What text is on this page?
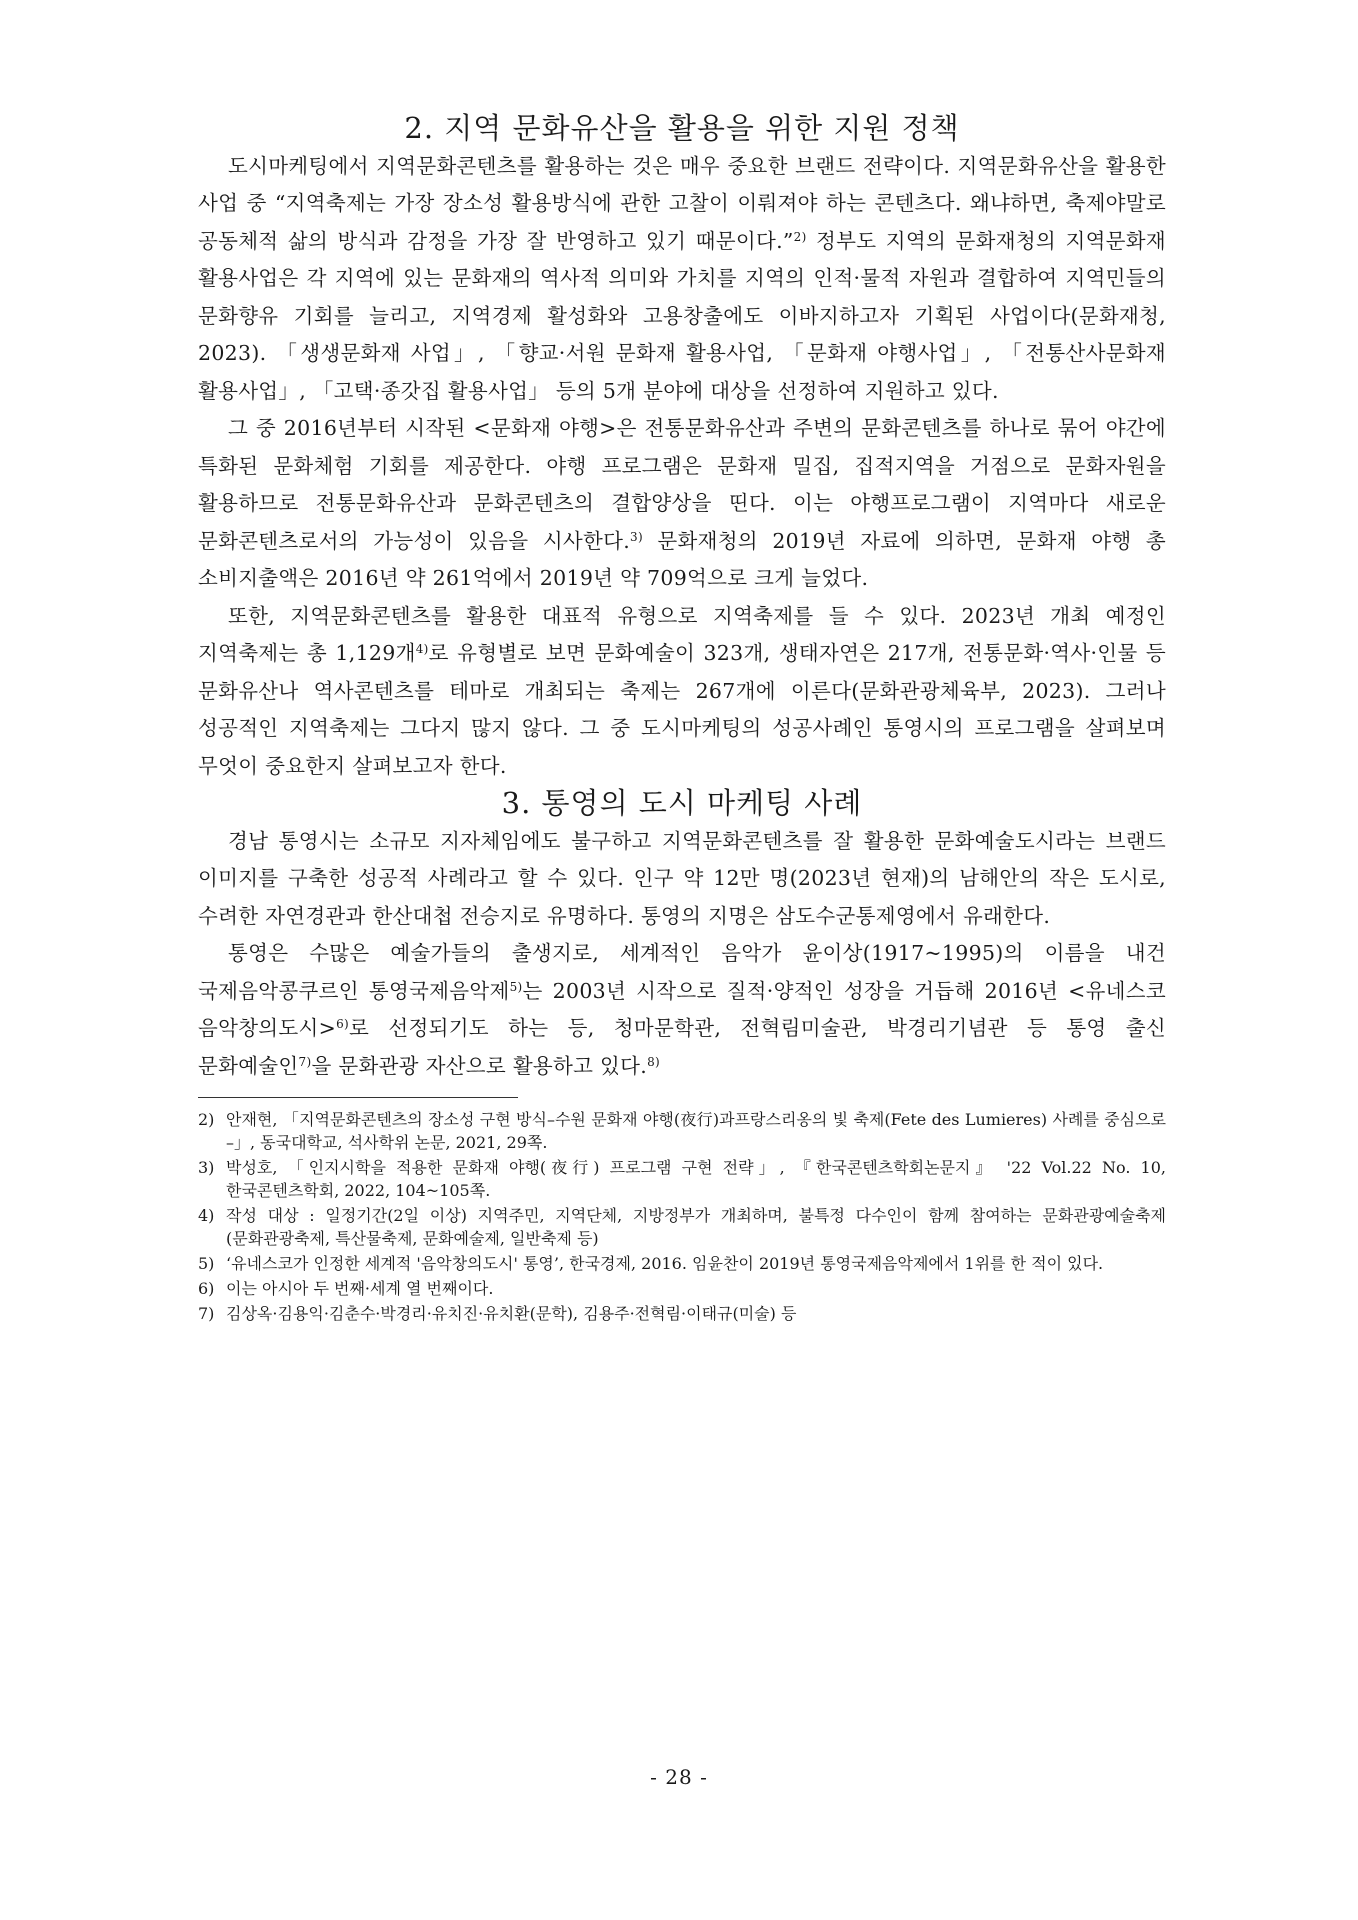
2. 지역 문화유산을 활용을 위한 지원 정책

도시마케팅에서 지역문화콘텐츠를 활용하는 것은 매우 중요한 브랜드 전략이다. 지역문화유산을 활용한 사업 중 “지역축제는 가장 장소성 활용방식에 관한 고찰이 이뤄져야 하는 콘텐츠다. 왜냐하면, 축제야말로 공동체적 삶의 방식과 감정을 가장 잘 반영하고 있기 때문이다.”$^{2)}$ 정부도 지역의 문화재청의 지역문화재 활용사업은 각 지역에 있는 문화재의 역사적 의미와 가치를 지역의 인적·물적 자원과 결합하여 지역민들의 문화향유 기회를 늘리고, 지역경제 활성화와 고용창출에도 이바지하고자 기획된 사업이다(문화재청, 2023). 「생생문화재 사업」, 「향교·서원 문화재 활용사업, 「문화재 야행사업」, 「전통산사문화재 활용사업」, 「고택·종갓집 활용사업」 등의 5개 분야에 대상을 선정하여 지원하고 있다.

그 중 2016년부터 시작된 <문화재 야행>은 전통문화유산과 주변의 문화콘텐츠를 하나로 묶어 야간에 특화된 문화체험 기회를 제공한다. 야행 프로그램은 문화재 밀집, 집적지역을 거점으로 문화자원을 활용하므로 전통문화유산과 문화콘텐츠의 결합양상을 띤다. 이는 야행프로그램이 지역마다 새로운 문화콘텐츠로서의 가능성이 있음을 시사한다.$^{3)}$ 문화재청의 2019년 자료에 의하면, 문화재 야행 총 소비지출액은 2016년 약 261억에서 2019년 약 709억으로 크게 늘었다.

또한, 지역문화콘텐츠를 활용한 대표적 유형으로 지역축제를 들 수 있다. 2023년 개최 예정인 지역축제는 총 1,129개$^{4)}$로 유형별로 보면 문화예술이 323개, 생태자연은 217개, 전통문화·역사·인물 등 문화유산나 역사콘텐츠를 테마로 개최되는 축제는 267개에 이른다(문화관광체육부, 2023). 그러나 성공적인 지역축제는 그다지 많지 않다. 그 중 도시마케팅의 성공사례인 통영시의 프로그램을 살펴보며 무엇이 중요한지 살펴보고자 한다.

3. 통영의 도시 마케팅 사례

경남 통영시는 소규모 지자체임에도 불구하고 지역문화콘텐츠를 잘 활용한 문화예술도시라는 브랜드 이미지를 구축한 성공적 사례라고 할 수 있다. 인구 약 12만 명(2023년 현재)의 남해안의 작은 도시로, 수려한 자연경관과 한산대첩 전승지로 유명하다. 통영의 지명은 삼도수군통제영에서 유래한다.

통영은 수많은 예술가들의 출생지로, 세계적인 음악가 윤이상(1917~1995)의 이름을 내건 국제음악콩쿠르인 통영국제음악제$^{5)}$는 2003년 시작으로 질적·양적인 성장을 거듭해 2016년 <유네스코 음악창의도시>$^{6)}$로 선정되기도 하는 등, 청마문학관, 전혁림미술관, 박경리기념관 등 통영 출신 문화예술인$^{7)}$을 문화관광 자산으로 활용하고 있다.$^{8)}$

2) 안재현, 「지역문화콘텐츠의 장소성 구현 방식–수원 문화재 야행(夜行)과프랑스리옹의 빛 축제(Fete des Lumieres) 사례를 중심으로 –」, 동국대학교, 석사학위 논문, 2021, 29쪽.
3) 박성호, 「인지시학을 적용한 문화재 야행(夜行) 프로그램 구현 전략」, 『한국콘텐츠학회논문지』 '22 Vol.22 No. 10, 한국콘텐츠학회, 2022, 104~105쪽.
4) 작성 대상 : 일정기간(2일 이상) 지역주민, 지역단체, 지방정부가 개최하며, 불특정 다수인이 함께 참여하는 문화관광예술축제 (문화관광축제, 특산물축제, 문화예술제, 일반축제 등)
5) ‘유네스코가 인정한 세계적 '음악창의도시' 통영’, 한국경제, 2016. 임윤찬이 2019년 통영국제음악제에서 1위를 한 적이 있다.
6) 이는 아시아 두 번째·세계 열 번째이다.
7) 김상옥·김용익·김춘수·박경리·유치진·유치환(문학), 김용주·전혁림·이태규(미술) 등
- 28 -
